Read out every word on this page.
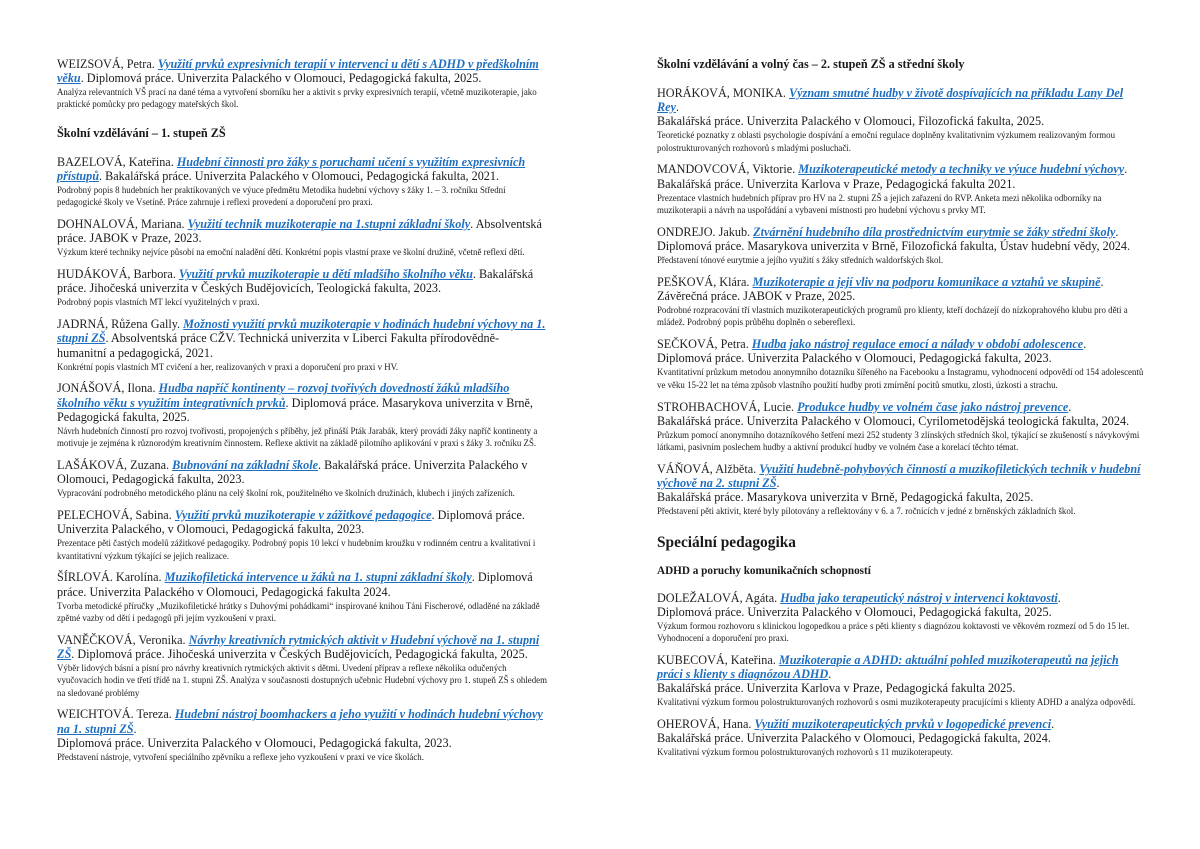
WEIZSOVÁ, Petra. Využití prvků expresivních terapií v intervenci u dětí s ADHD v předškolním věku. Diplomová práce. Univerzita Palackého v Olomouci, Pedagogická fakulta, 2025.
Analýza relevantních VŠ prací na dané téma a vytvoření sborníku her a aktivit s prvky expresivních terapií, včetně muzikoterapie, jako praktické pomůcky pro pedagogy mateřských škol.
Školní vzdělávání – 1. stupeň ZŠ
BAZELOVÁ, Kateřina. Hudební činnosti pro žáky s poruchami učení s využitím expresivních přístupů. Bakalářská práce. Univerzita Palackého v Olomouci, Pedagogická fakulta, 2021.
Podrobný popis 8 hudebních her praktikovaných ve výuce předmětu Metodika hudební výchovy s žáky 1. – 3. ročníku Střední pedagogické školy ve Vsetíně. Práce zahrnuje i reflexi provedení a doporučení pro praxi.
DOHNALOVÁ, Mariana. Využití technik muzikoterapie na 1.stupni základní školy. Absolventská práce. JABOK v Praze, 2023.
Výzkum které techniky nejvíce působí na emoční naladění dětí. Konkrétní popis vlastní praxe ve školní družině, včetně reflexí dětí.
HUDÁKOVÁ, Barbora. Využití prvků muzikoterapie u dětí mladšího školního věku. Bakalářská práce. Jihočeská univerzita v Českých Budějovicích, Teologická fakulta, 2023.
Podrobný popis vlastních MT lekcí využitelných v praxi.
JADRNÁ, Růžena Gally. Možnosti využití prvků muzikoterapie v hodinách hudební výchovy na 1. stupni ZŠ. Absolventská práce CŽV. Technická univerzita v Liberci Fakulta přírodovědně-humanitní a pedagogická, 2021.
Konkrétní popis vlastních MT cvičení a her, realizovaných v praxi a doporučení pro praxi v HV.
JONÁŠOVÁ, Ilona. Hudba napříč kontinenty – rozvoj tvořivých dovedností žáků mladšího školního věku s využitím integrativních prvků. Diplomová práce. Masarykova univerzita v Brně, Pedagogická fakulta, 2025.
Návrh hudebních činností pro rozvoj tvořivosti, propojených s příběhy, jež přináší Pták Jarabák, který provádí žáky napříč kontinenty a motivuje je zejména k různorodým kreativním činnostem. Reflexe aktivit na základě pilotního aplikování v praxi s žáky 3. ročníku ZŠ.
LAŠÁKOVÁ, Zuzana. Bubnování na základní škole. Bakalářská práce. Univerzita Palackého v Olomouci, Pedagogická fakulta, 2023.
Vypracování podrobného metodického plánu na celý školní rok, použitelného ve školních družinách, klubech i jiných zařízeních.
PELECHOVÁ, Sabina. Využití prvků muzikoterapie v zážitkové pedagogice. Diplomová práce. Univerzita Palackého, v Olomouci, Pedagogická fakulta, 2023.
Prezentace pěti častých modelů zážitkové pedagogiky. Podrobný popis 10 lekcí v hudebním kroužku v rodinném centru a kvalitativní i kvantitativní výzkum týkající se jejich realizace.
ŠÍRLOVÁ. Karolína. Muzikofiletická intervence u žáků na 1. stupni základní školy. Diplomová práce. Univerzita Palackého v Olomouci, Pedagogická fakulta 2024.
Tvorba metodické příručky „Muzikofiletické hrátky s Duhovými pohádkami“ inspirované knihou Táni Fischerové, odladěné na základě zpětné vazby od dětí i pedagogů při jejím vyzkoušení v praxi.
VANĚČKOVÁ, Veronika. Návrhy kreativních rytmických aktivit v Hudební výchově na 1. stupni ZŠ. Diplomová práce. Jihočeská univerzita v Českých Budějovicích, Pedagogická fakulta, 2025.
Výběr lidových básní a písní pro návrhy kreativních rytmických aktivit s dětmi. Uvedení příprav a reflexe několika odučených vyučovacích hodin ve třetí třídě na 1. stupni ZŠ. Analýza v současnosti dostupných učebnic Hudební výchovy pro 1. stupeň ZŠ s ohledem na sledované problémy
WEICHTOVÁ. Tereza. Hudební nástroj boomhackers a jeho využití v hodinách hudební výchovy na 1. stupni ZŠ.
Diplomová práce. Univerzita Palackého v Olomouci, Pedagogická fakulta, 2023.
Představení nástroje, vytvoření speciálního zpěvníku a reflexe jeho vyzkoušení v praxi ve více školách.
Školní vzdělávání a volný čas – 2. stupeň ZŠ a střední školy
HORÁKOVÁ, MONIKA. Význam smutné hudby v životě dospívajících na příkladu Lany Del Rey.
Bakalářská práce. Univerzita Palackého v Olomouci, Filozofická fakulta, 2025.
Teoretické poznatky z oblasti psychologie dospívání a emoční regulace doplněny kvalitativním výzkumem realizovaným formou polostrukturovaných rozhovorů s mladými posluchači.
MANDOVCOVÁ, Viktorie. Muzikoterapeutické metody a techniky ve výuce hudební výchovy.
Bakalářská práce. Univerzita Karlova v Praze, Pedagogická fakulta 2021.
Prezentace vlastních hudebních příprav pro HV na 2. stupni ZŠ a jejich zařazení do RVP. Anketa mezi několika odborníky na muzikoterapii a návrh na uspořádání a vybavení místnosti pro hudební výchovu s prvky MT.
ONDREJO. Jakub. Ztvárnění hudebního díla prostřednictvím eurytmie se žáky střední školy.
Diplomová práce. Masarykova univerzita v Brně, Filozofická fakulta, Ústav hudební vědy, 2024.
Představení tónové eurytmie a jejího využití s žáky středních waldorfských škol.
PEŠKOVÁ, Klára. Muzikoterapie a její vliv na podporu komunikace a vztahů ve skupině.
Závěrečná práce. JABOK v Praze, 2025.
Podrobné rozpracování tří vlastních muzikoterapeutických programů pro klienty, kteří docházejí do nízkoprahového klubu pro děti a mládež. Podrobný popis průběhu doplněn o sebereflexi.
SEČKOVÁ, Petra. Hudba jako nástroj regulace emocí a nálady v období adolescence.
Diplomová práce. Univerzita Palackého v Olomouci, Pedagogická fakulta, 2023.
Kvantitativní průzkum metodou anonymního dotazníku šířeného na Facebooku a Instagramu, vyhodnocení odpovědí od 154 adolescentů ve věku 15-22 let na téma způsob vlastního použití hudby proti zmírnění pocitů smutku, zlosti, úzkosti a strachu.
STROHBACHOVÁ, Lucie. Produkce hudby ve volném čase jako nástroj prevence.
Bakalářská práce. Univerzita Palackého v Olomouci, Cyrilometodějská teologická fakulta, 2024.
Průzkum pomocí anonymního dotazníkového šetření mezi 252 studenty 3 zlínských středních škol, týkající se zkušeností s návykovými látkami, pasivním poslechem hudby a aktivní produkcí hudby ve volném čase a korelací těchto témat.
VÁŇOVÁ, Alžběta. Využití hudebně-pohybových činností a muzikofiletických technik v hudební výchově na 2. stupni ZŠ.
Bakalářská práce. Masarykova univerzita v Brně, Pedagogická fakulta, 2025.
Představení pěti aktivit, které byly pilotovány a reflektovány v 6. a 7. ročnících v jedné z brněnských základních škol.
Speciální pedagogika
ADHD a poruchy komunikačních schopností
DOLEŽALOVÁ, Agáta. Hudba jako terapeutický nástroj v intervenci koktavosti.
Diplomová práce. Univerzita Palackého v Olomouci, Pedagogická fakulta, 2025.
Výzkum formou rozhovoru s klinickou logopedkou a práce s pěti klienty s diagnózou koktavosti ve věkovém rozmezí od 5 do 15 let. Vyhodnocení a doporučení pro praxi.
KUBECOVÁ, Kateřina. Muzikoterapie a ADHD: aktuální pohled muzikoterapeutů na jejich práci s klienty s diagnózou ADHD.
Bakalářská práce. Univerzita Karlova v Praze, Pedagogická fakulta 2025.
Kvalitativní výzkum formou polostrukturovaných rozhovorů s osmi muzikoterapeuty pracujícími s klienty ADHD a analýza odpovědí.
OHEROVÁ, Hana. Využití muzikoterapeutických prvků v logopedické prevenci.
Bakalářská práce. Univerzita Palackého v Olomouci, Pedagogická fakulta, 2024.
Kvalitativní výzkum formou polostrukturovaných rozhovorů s 11 muzikoterapeuty.
